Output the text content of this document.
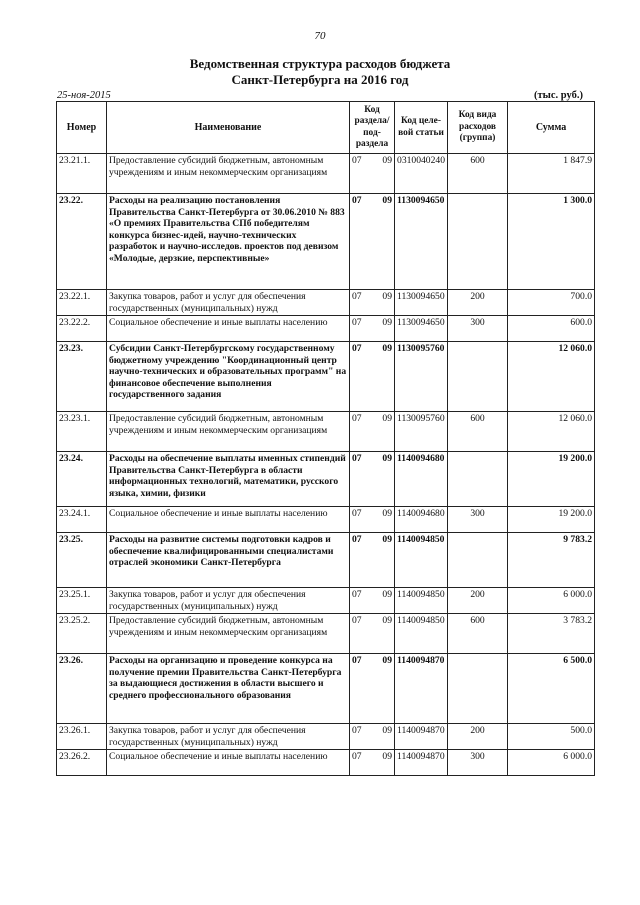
70
Ведомственная структура расходов бюджета
Санкт-Петербурга на 2016 год
25-ноя-2015	(тыс. руб.)
Номер	Наименование	Код раздела/ под- раздела		Код целе- вой статьи	Код вида расходов (группа)	Сумма
23.21.1.	Предоставление субсидий бюджетным, автономным учреждениям и иным некоммерческим организациям	07	09	0310040240	600	1 847.9
23.22.	Расходы на реализацию постановления Правительства Санкт-Петербурга от 30.06.2010 № 883 «О премиях Правительства СПб победителям конкурса бизнес-идей, научно-технических разработок и научно-исследов. проектов под девизом «Молодые, дерзкие, перспективные»	07	09	1130094650		1 300.0
23.22.1.	Закупка товаров, работ и услуг для обеспечения государственных (муниципальных) нужд	07	09	1130094650	200	700.0
23.22.2.	Социальное обеспечение и иные выплаты населению	07	09	1130094650	300	600.0
23.23.	Субсидии Санкт-Петербургскому государственному бюджетному учреждению "Координационный центр научно-технических и образовательных программ" на финансовое обеспечение выполнения государственного задания	07	09	1130095760		12 060.0
23.23.1.	Предоставление субсидий бюджетным, автономным учреждениям и иным некоммерческим организациям	07	09	1130095760	600	12 060.0
23.24.	Расходы на обеспечение выплаты именных стипендий Правительства Санкт-Петербурга в области информационных технологий, математики, русского языка, химии, физики	07	09	1140094680		19 200.0
23.24.1.	Социальное обеспечение и иные выплаты населению	07	09	1140094680	300	19 200.0
23.25.	Расходы на развитие системы подготовки кадров и обеспечение квалифицированными специалистами отраслей экономики Санкт-Петербурга	07	09	1140094850		9 783.2
23.25.1.	Закупка товаров, работ и услуг для обеспечения государственных (муниципальных) нужд	07	09	1140094850	200	6 000.0
23.25.2.	Предоставление субсидий бюджетным, автономным учреждениям и иным некоммерческим организациям	07	09	1140094850	600	3 783.2
23.26.	Расходы на организацию и проведение конкурса на получение премии Правительства Санкт-Петербурга за выдающиеся достижения в области высшего и среднего профессионального образования	07	09	1140094870		6 500.0
23.26.1.	Закупка товаров, работ и услуг для обеспечения государственных (муниципальных) нужд	07	09	1140094870	200	500.0
23.26.2.	Социальное обеспечение и иные выплаты населению	07	09	1140094870	300	6 000.0
